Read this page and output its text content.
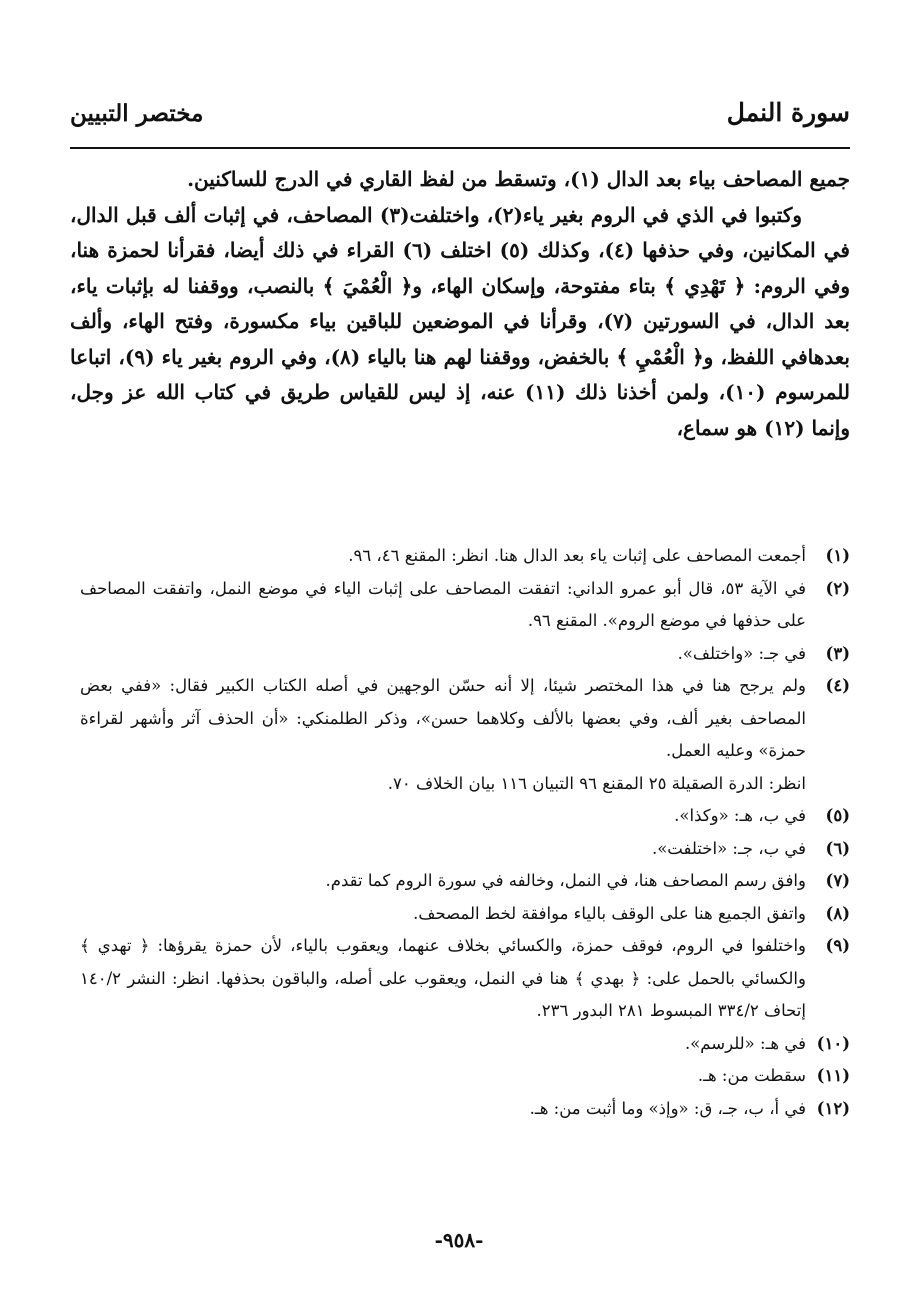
سورة النمل
مختصر التبيين

جميع المصاحف بياء بعد الدال (١)، وتسقط من لفظ القاري في الدرج للساكنين.

وكتبوا في الذي في الروم بغير ياء(٢)، واختلفت(٣) المصاحف، في إثبات ألف قبل الدال، في المكانين، وفي حذفها (٤)، وكذلك (٥) اختلف (٦) القراء في ذلك أيضا، فقرأنا لحمزة هنا، وفي الروم: ﴿ تَهْدِي ﴾ بتاء مفتوحة، وإسكان الهاء، و﴿ الْعُمْيَ ﴾ بالنصب، ووقفنا له بإثبات ياء، بعد الدال، في السورتين (٧)، وقرأنا في الموضعين للباقين بياء مكسورة، وفتح الهاء، وألف بعدهافي اللفظ، و﴿ الْعُمْيِ ﴾ بالخفض، ووقفنا لهم هنا بالياء (٨)، وفي الروم بغير ياء (٩)، اتباعا للمرسوم (١٠)، ولمن أخذنا ذلك (١١) عنه، إذ ليس للقياس طريق في كتاب الله عز وجل، وإنما (١٢) هو سماع،

(١)
أجمعت المصاحف على إثبات ياء بعد الدال هنا. انظر: المقنع ٤٦، ٩٦.
(٢)
في الآية ٥٣، قال أبو عمرو الداني: اتفقت المصاحف على إثبات الياء في موضع النمل، واتفقت المصاحف على حذفها في موضع الروم». المقنع ٩٦.
(٣)
في جـ: «واختلف».
(٤)
ولم يرجح هنا في هذا المختصر شيئا، إلا أنه حسّن الوجهين في أصله الكتاب الكبير فقال: «ففي بعض المصاحف بغير ألف، وفي بعضها بالألف وكلاهما حسن»، وذكر الطلمنكي: «أن الحذف آثر وأشهر لقراءة حمزة» وعليه العمل.
انظر: الدرة الصقيلة ٢٥ المقنع ٩٦ التبيان ١١٦ بيان الخلاف ٧٠.
(٥)
في ب، هـ: «وكذا».
(٦)
في ب، جـ: «اختلفت».
(٧)
وافق رسم المصاحف هنا، في النمل، وخالفه في سورة الروم كما تقدم.
(٨)
واتفق الجميع هنا على الوقف بالياء موافقة لخط المصحف.
(٩)
واختلفوا في الروم، فوقف حمزة، والكسائي بخلاف عنهما، ويعقوب بالياء، لأن حمزة يقرؤها: ﴿ تهدي ﴾ والكسائي بالحمل على: ﴿ بهدي ﴾ هنا في النمل، ويعقوب على أصله، والباقون بحذفها. انظر: النشر ١٤٠/٢ إتحاف ٣٣٤/٢ المبسوط ٢٨١ البدور ٢٣٦.
(١٠)
في هـ: «للرسم».
(١١)
سقطت من: هـ.
(١٢)
في أ، ب، جـ، ق: «وإذ» وما أثبت من: هـ.
-٩٥٨-
